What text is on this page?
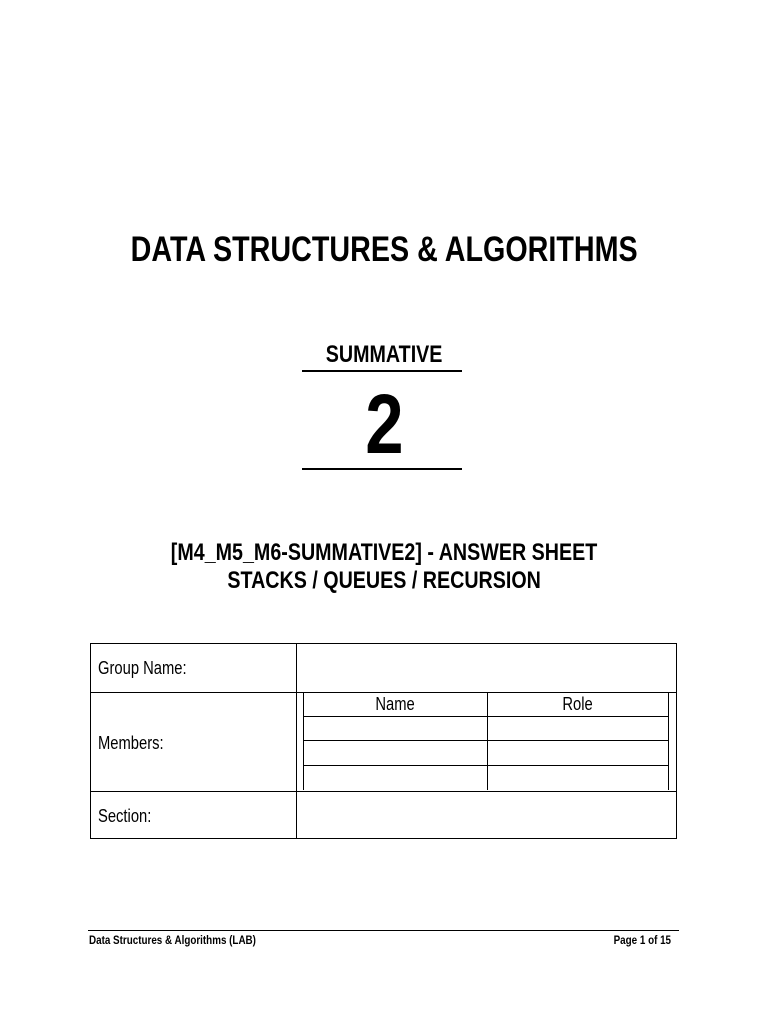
DATA STRUCTURES & ALGORITHMS
SUMMATIVE
2
[M4_M5_M6-SUMMATIVE2] - ANSWER SHEET
STACKS / QUEUES / RECURSION
Group Name:
Members:
Section:
Name	Role
Data Structures & Algorithms (LAB)	Page 1 of 15
